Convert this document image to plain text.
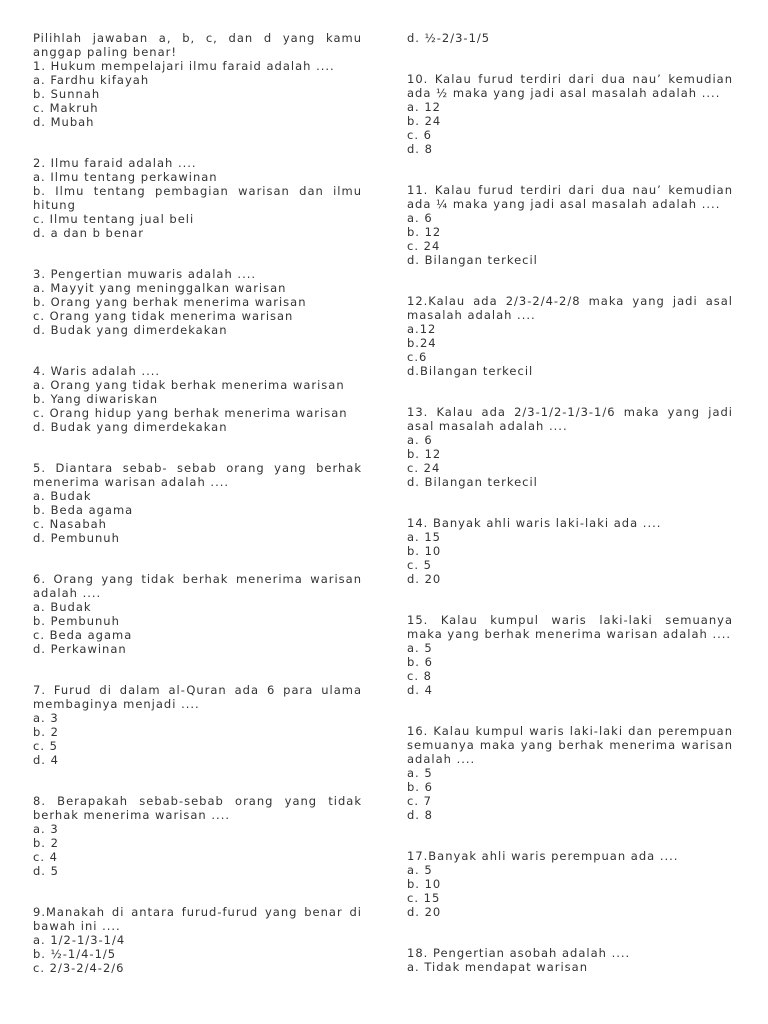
Pilihlah jawaban a, b, c, dan d yang kamu anggap paling benar!

1. Hukum mempelajari ilmu faraid adalah ....

a. Fardhu kifayah

b. Sunnah

c. Makruh

d. Mubah

2. Ilmu faraid adalah ....

a. Ilmu tentang perkawinan

b. Ilmu tentang pembagian warisan dan ilmu hitung

c. Ilmu tentang jual beli

d. a dan b benar

3. Pengertian muwaris adalah ....

a. Mayyit yang meninggalkan warisan

b. Orang yang berhak menerima warisan

c. Orang yang tidak menerima warisan

d. Budak yang dimerdekakan

4. Waris adalah ....

a. Orang yang tidak berhak menerima warisan

b. Yang diwariskan

c. Orang hidup yang berhak menerima warisan

d. Budak yang dimerdekakan

5. Diantara sebab- sebab orang yang berhak menerima warisan adalah ....

a. Budak

b. Beda agama

c. Nasabah

d. Pembunuh

6. Orang yang tidak berhak menerima warisan adalah ....

a. Budak

b. Pembunuh

c. Beda agama

d. Perkawinan

7. Furud di dalam al-Quran ada 6 para ulama membaginya menjadi ....

a. 3

b. 2

c. 5

d. 4

8. Berapakah sebab-sebab orang yang tidak berhak menerima warisan ....

a. 3

b. 2

c. 4

d. 5

9.Manakah di antara furud-furud yang benar di bawah ini ....

a. 1/2-1/3-1/4

b. ½-1/4-1/5

c. 2/3-2/4-2/6

d. ½-2/3-1/5

10. Kalau furud terdiri dari dua nau’ kemudian ada ½ maka yang jadi asal masalah adalah ....

a. 12

b. 24

c. 6

d. 8

11. Kalau furud terdiri dari dua nau’ kemudian ada ¼ maka yang jadi asal masalah adalah ....

a. 6

b. 12

c. 24

d. Bilangan terkecil

12.Kalau ada 2/3-2/4-2/8 maka yang jadi asal masalah adalah ....

a.12

b.24

c.6

d.Bilangan terkecil

13. Kalau ada 2/3-1/2-1/3-1/6 maka yang jadi asal masalah adalah ....

a. 6

b. 12

c. 24

d. Bilangan terkecil

14. Banyak ahli waris laki-laki ada ....

a. 15

b. 10

c. 5

d. 20

15. Kalau kumpul waris laki-laki semuanya maka yang berhak menerima warisan adalah ....

a. 5

b. 6

c. 8

d. 4

16. Kalau kumpul waris laki-laki dan perempuan semuanya maka yang berhak menerima warisan adalah ....

a. 5

b. 6

c. 7

d. 8

17.Banyak ahli waris perempuan ada ....

a. 5

b. 10

c. 15

d. 20

18. Pengertian asobah adalah ....

a. Tidak mendapat warisan
